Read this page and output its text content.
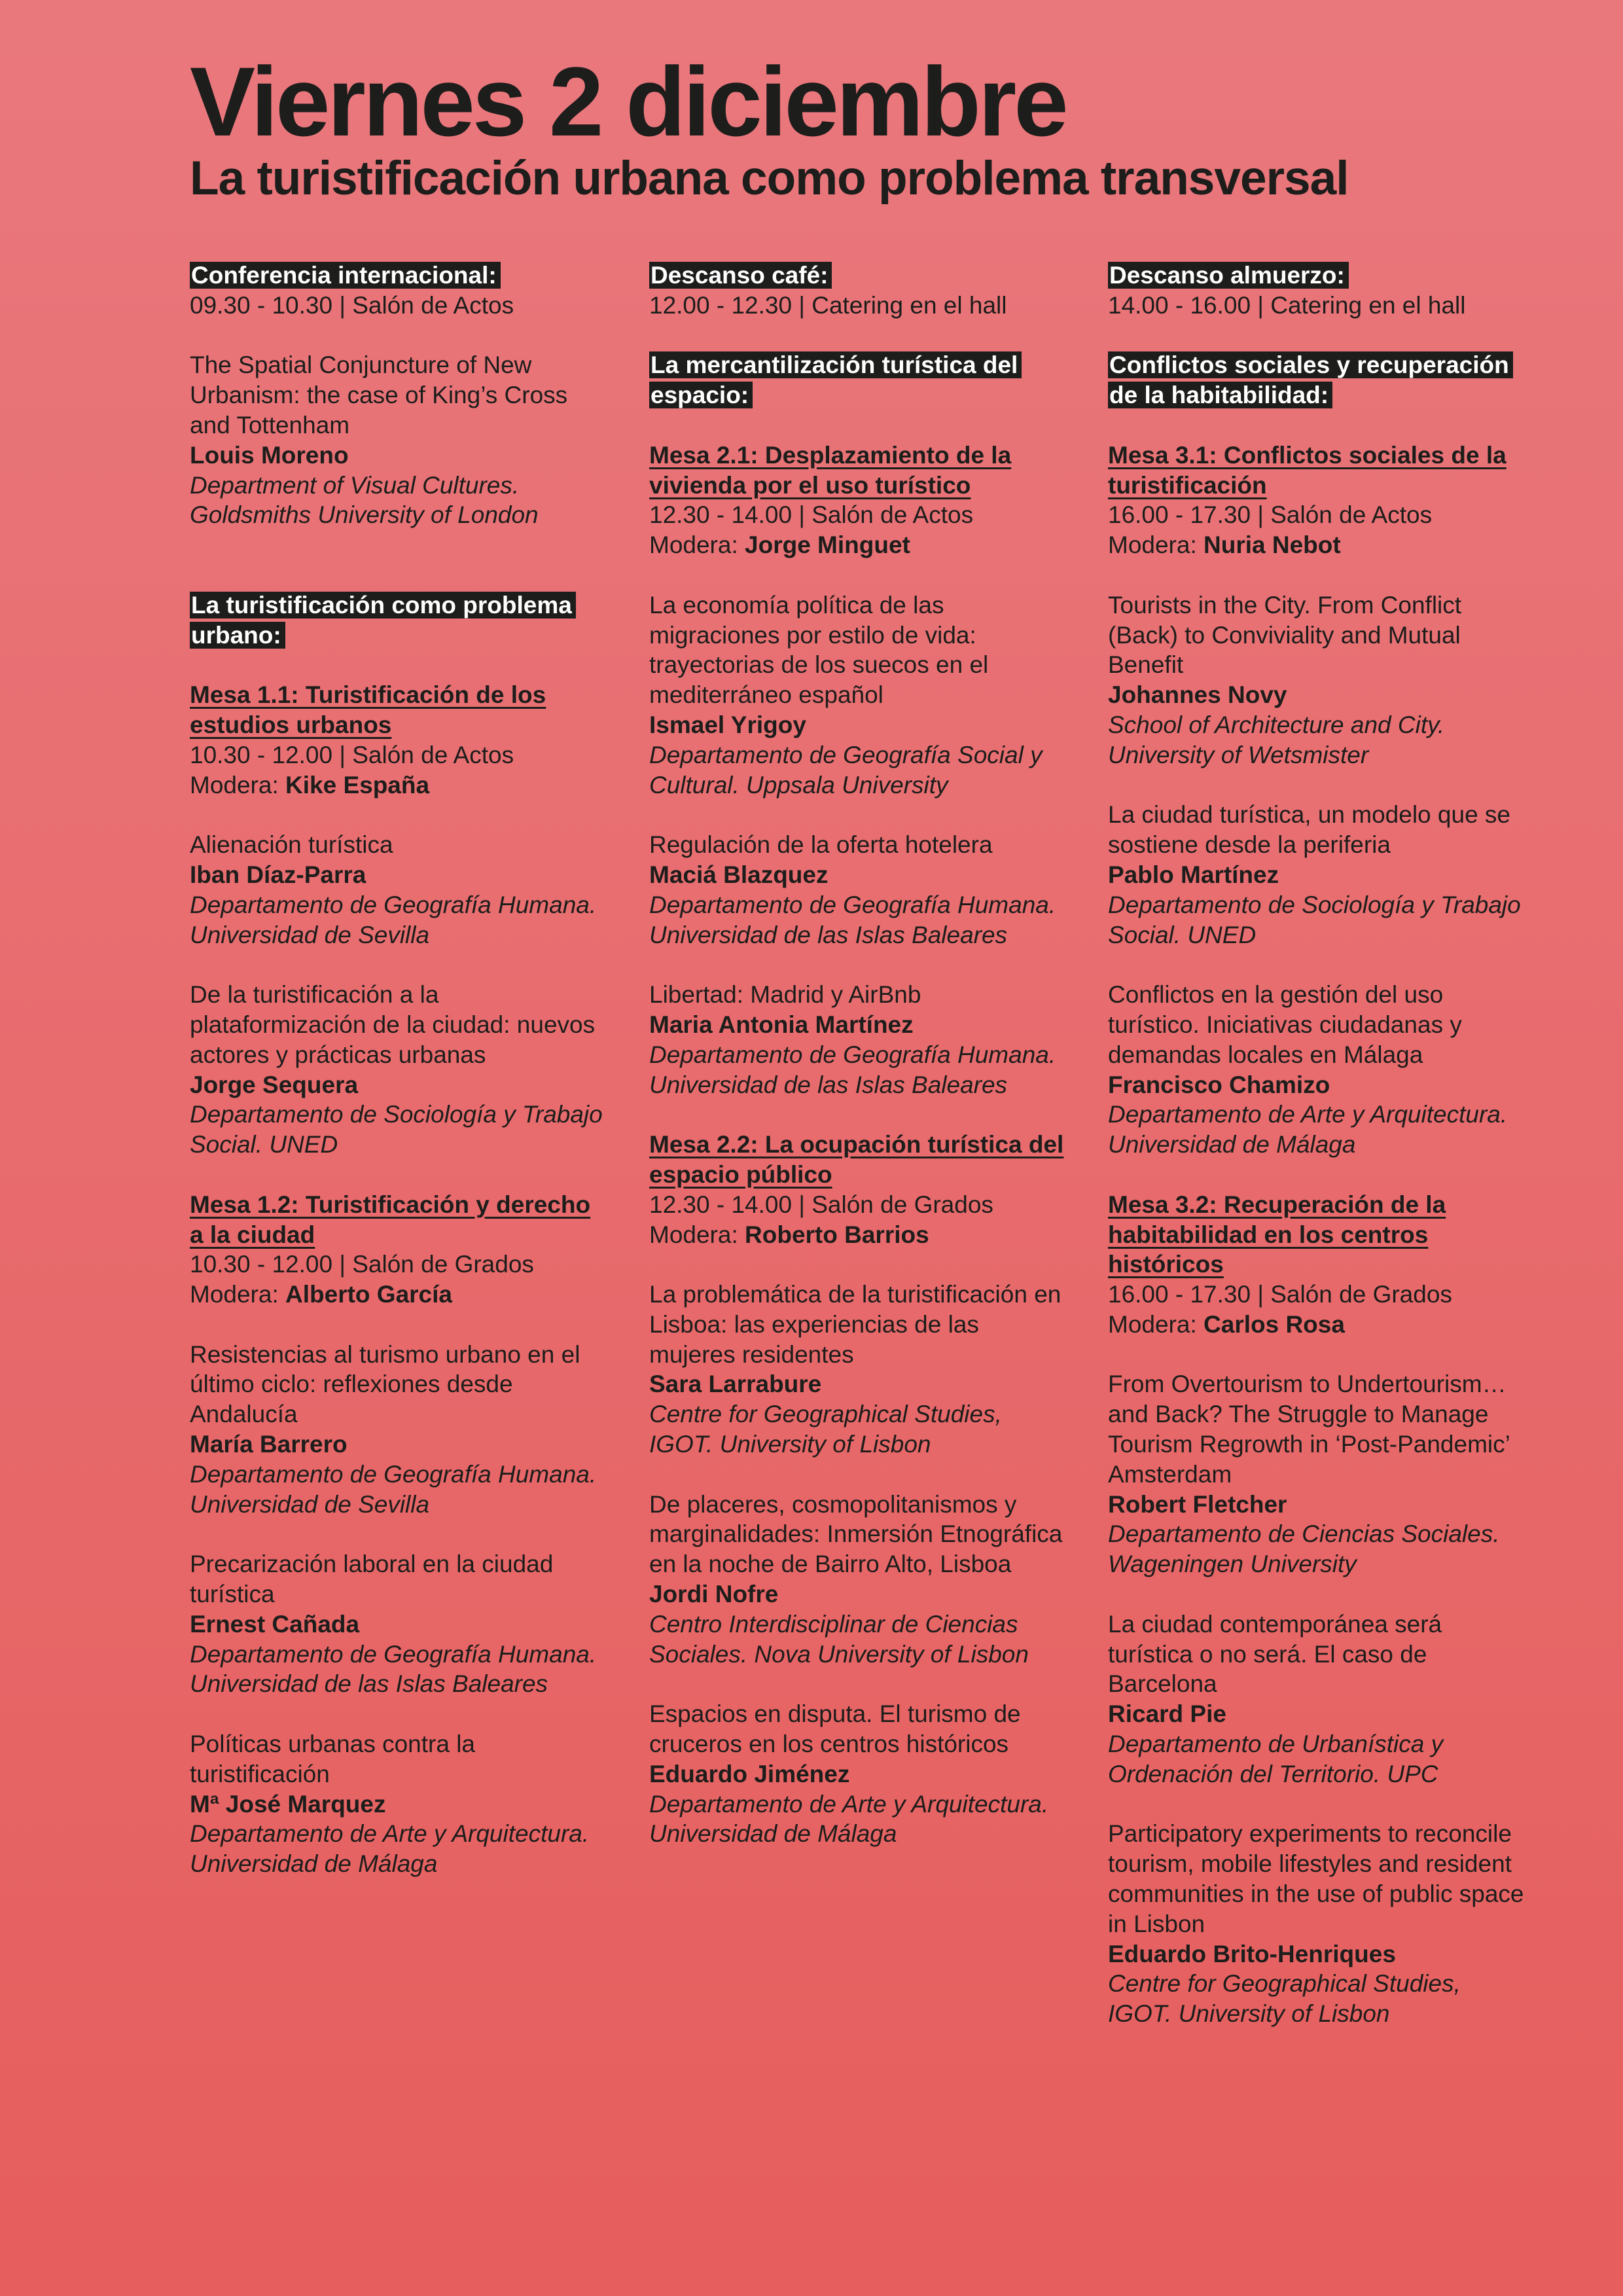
Viernes 2 diciembre
La turistificación urbana como problema transversal
Conferencia internacional:
09.30 - 10.30 | Salón de Actos
The Spatial Conjuncture of New Urbanism: the case of King’s Cross and Tottenham
Louis Moreno
Department of Visual Cultures. Goldsmiths University of London
La turistificación como problema urbano:
Mesa 1.1: Turistificación de los estudios urbanos
10.30 - 12.00 | Salón de Actos
Modera: Kike España
Alienación turística
Iban Díaz-Parra
Departamento de Geografía Humana. Universidad de Sevilla
De la turistificación a la plataformización de la ciudad: nuevos actores y prácticas urbanas
Jorge Sequera
Departamento de Sociología y Trabajo Social. UNED
Mesa 1.2: Turistificación y derecho a la ciudad
10.30 - 12.00 | Salón de Grados
Modera: Alberto García
Resistencias al turismo urbano en el último ciclo: reflexiones desde Andalucía
María Barrero
Departamento de Geografía Humana. Universidad de Sevilla
Precarización laboral en la ciudad turística
Ernest Cañada
Departamento de Geografía Humana. Universidad de las Islas Baleares
Políticas urbanas contra la turistificación
Mª José Marquez
Departamento de Arte y Arquitectura. Universidad de Málaga
Descanso café:
12.00 - 12.30 | Catering en el hall
La mercantilización turística del espacio:
Mesa 2.1: Desplazamiento de la vivienda por el uso turístico
12.30 - 14.00 | Salón de Actos
Modera: Jorge Minguet
La economía política de las migraciones por estilo de vida: trayectorias de los suecos en el mediterráneo español
Ismael Yrigoy
Departamento de Geografía Social y Cultural. Uppsala University
Regulación de la oferta hotelera
Maciá Blazquez
Departamento de Geografía Humana. Universidad de las Islas Baleares
Libertad: Madrid y AirBnb
Maria Antonia Martínez
Departamento de Geografía Humana. Universidad de las Islas Baleares
Mesa 2.2: La ocupación turística del espacio público
12.30 - 14.00 | Salón de Grados
Modera: Roberto Barrios
La problemática de la turistificación en Lisboa: las experiencias de las mujeres residentes
Sara Larrabure
Centre for Geographical Studies, IGOT. University of Lisbon
De placeres, cosmopolitanismos y marginalidades: Inmersión Etnográfica en la noche de Bairro Alto, Lisboa
Jordi Nofre
Centro Interdisciplinar de Ciencias Sociales. Nova University of Lisbon
Espacios en disputa. El turismo de cruceros en los centros históricos
Eduardo Jiménez
Departamento de Arte y Arquitectura. Universidad de Málaga
Descanso almuerzo:
14.00 - 16.00 | Catering en el hall
Conflictos sociales y recuperación de la habitabilidad:
Mesa 3.1: Conflictos sociales de la turistificación
16.00 - 17.30 | Salón de Actos
Modera: Nuria Nebot
Tourists in the City. From Conflict (Back) to Conviviality and Mutual Benefit
Johannes Novy
School of Architecture and City. University of Wetsmister
La ciudad turística, un modelo que se sostiene desde la periferia
Pablo Martínez
Departamento de Sociología y Trabajo Social. UNED
Conflictos en la gestión del uso turístico. Iniciativas ciudadanas y demandas locales en Málaga
Francisco Chamizo
Departamento de Arte y Arquitectura. Universidad de Málaga
Mesa 3.2: Recuperación de la habitabilidad en los centros históricos
16.00 - 17.30 | Salón de Grados
Modera: Carlos Rosa
From Overtourism to Undertourism… and Back? The Struggle to Manage Tourism Regrowth in ‘Post-Pandemic’ Amsterdam
Robert Fletcher
Departamento de Ciencias Sociales. Wageningen University
La ciudad contemporánea será turística o no será. El caso de Barcelona
Ricard Pie
Departamento de Urbanística y Ordenación del Territorio. UPC
Participatory experiments to reconcile tourism, mobile lifestyles and resident communities in the use of public space in Lisbon
Eduardo Brito-Henriques
Centre for Geographical Studies, IGOT. University of Lisbon
